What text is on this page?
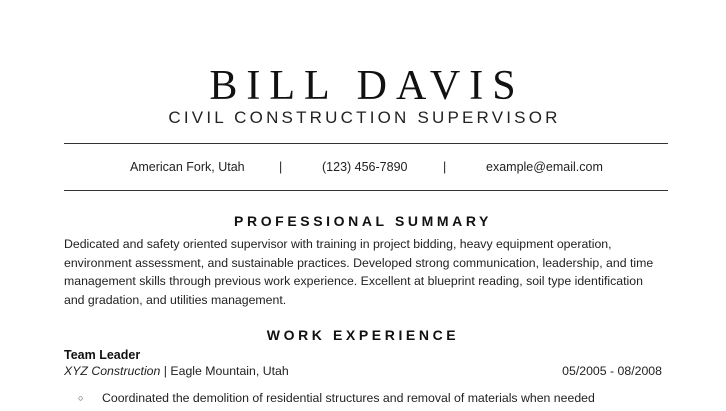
BILL DAVIS
CIVIL CONSTRUCTION SUPERVISOR
American Fork, Utah	|	(123) 456-7890	|	example@email.com
PROFESSIONAL SUMMARY

Dedicated and safety oriented supervisor with training in project bidding, heavy equipment operation, environment assessment, and sustainable practices. Developed strong communication, leadership, and time management skills through previous work experience. Excellent at blueprint reading, soil type identification and gradation, and utilities management.

WORK EXPERIENCE
Team Leader
XYZ Construction | Eagle Mountain, Utah	05/2005 - 08/2008
○ Coordinated the demolition of residential structures and removal of materials when needed
